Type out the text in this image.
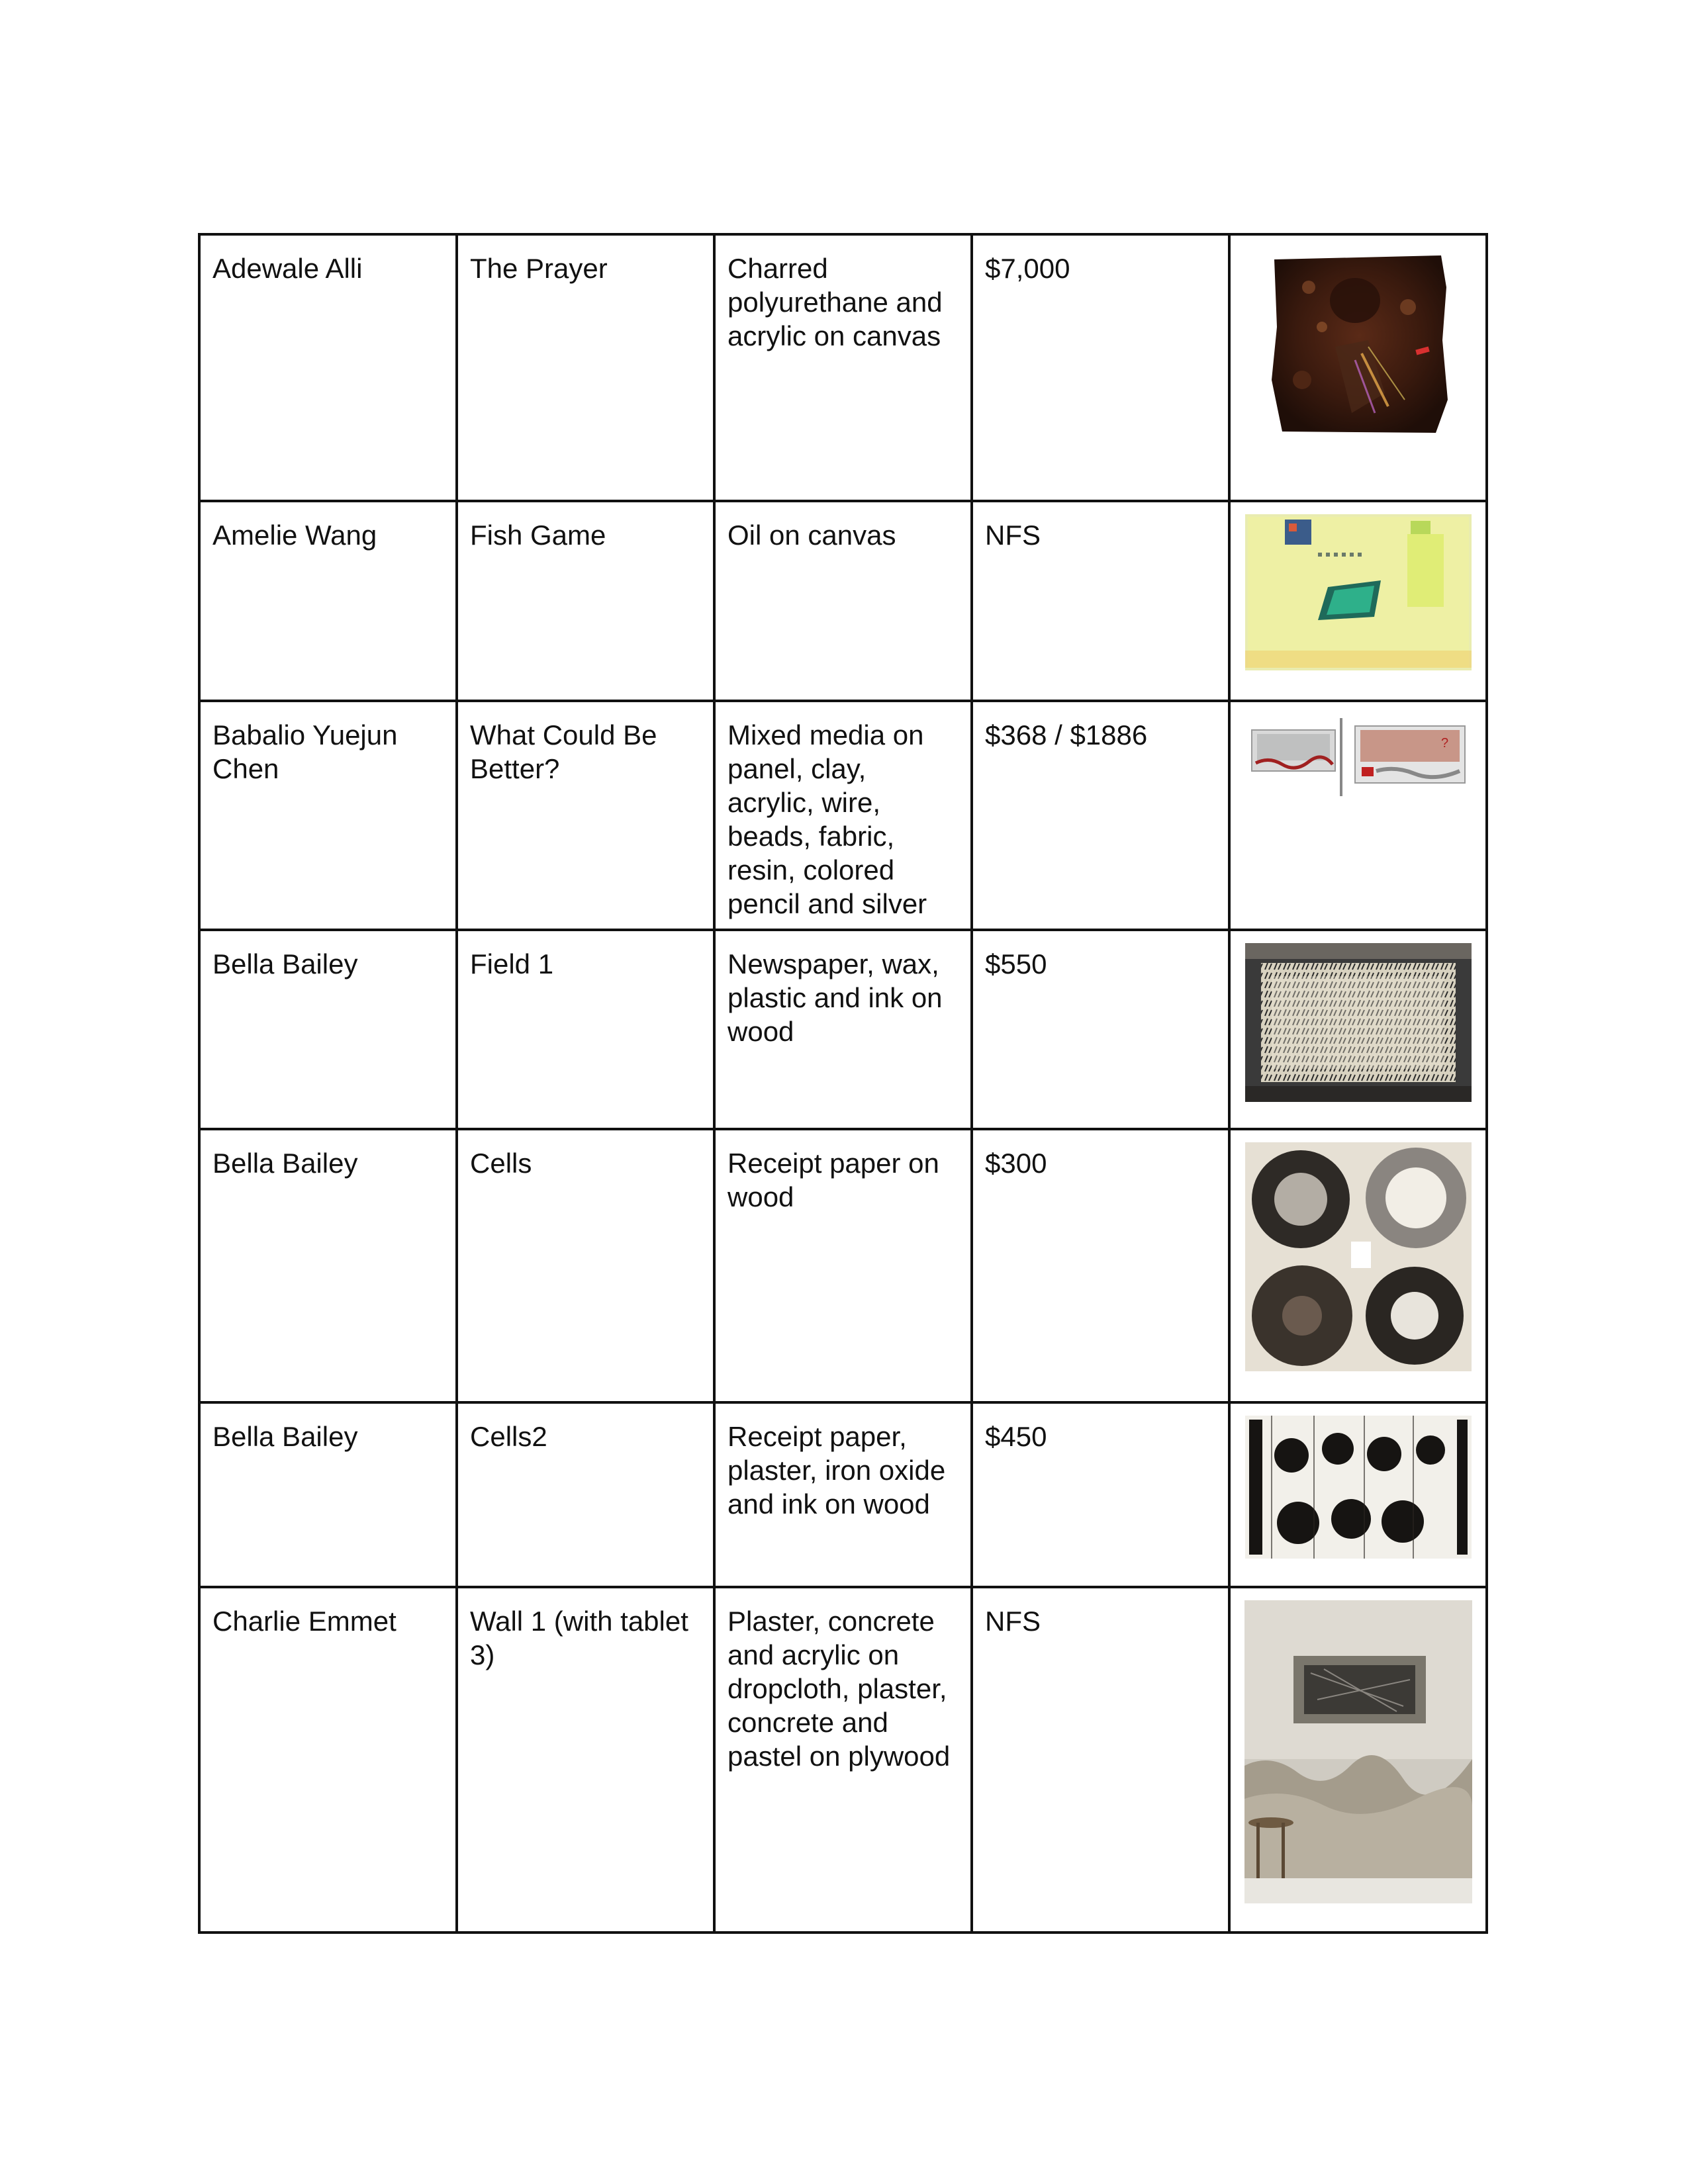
Adewale Alli	The Prayer	Charred polyurethane and acrylic on canvas	$7,000	

Amelie Wang	Fish Game	Oil on canvas	NFS	

Babalio Yuejun Chen	What Could Be Better?	Mixed media on panel, clay, acrylic, wire, beads, fabric, resin, colored pencil and silver	$368 / $1886	?

Bella Bailey	Field 1	Newspaper, wax, plastic and ink on wood	$550	

Bella Bailey	Cells	Receipt paper on wood	$300	

Bella Bailey	Cells2	Receipt paper, plaster, iron oxide and ink on wood	$450	

Charlie Emmet	Wall 1 (with tablet 3)	Plaster, concrete and acrylic on dropcloth, plaster, concrete and pastel on plywood	NFS	
